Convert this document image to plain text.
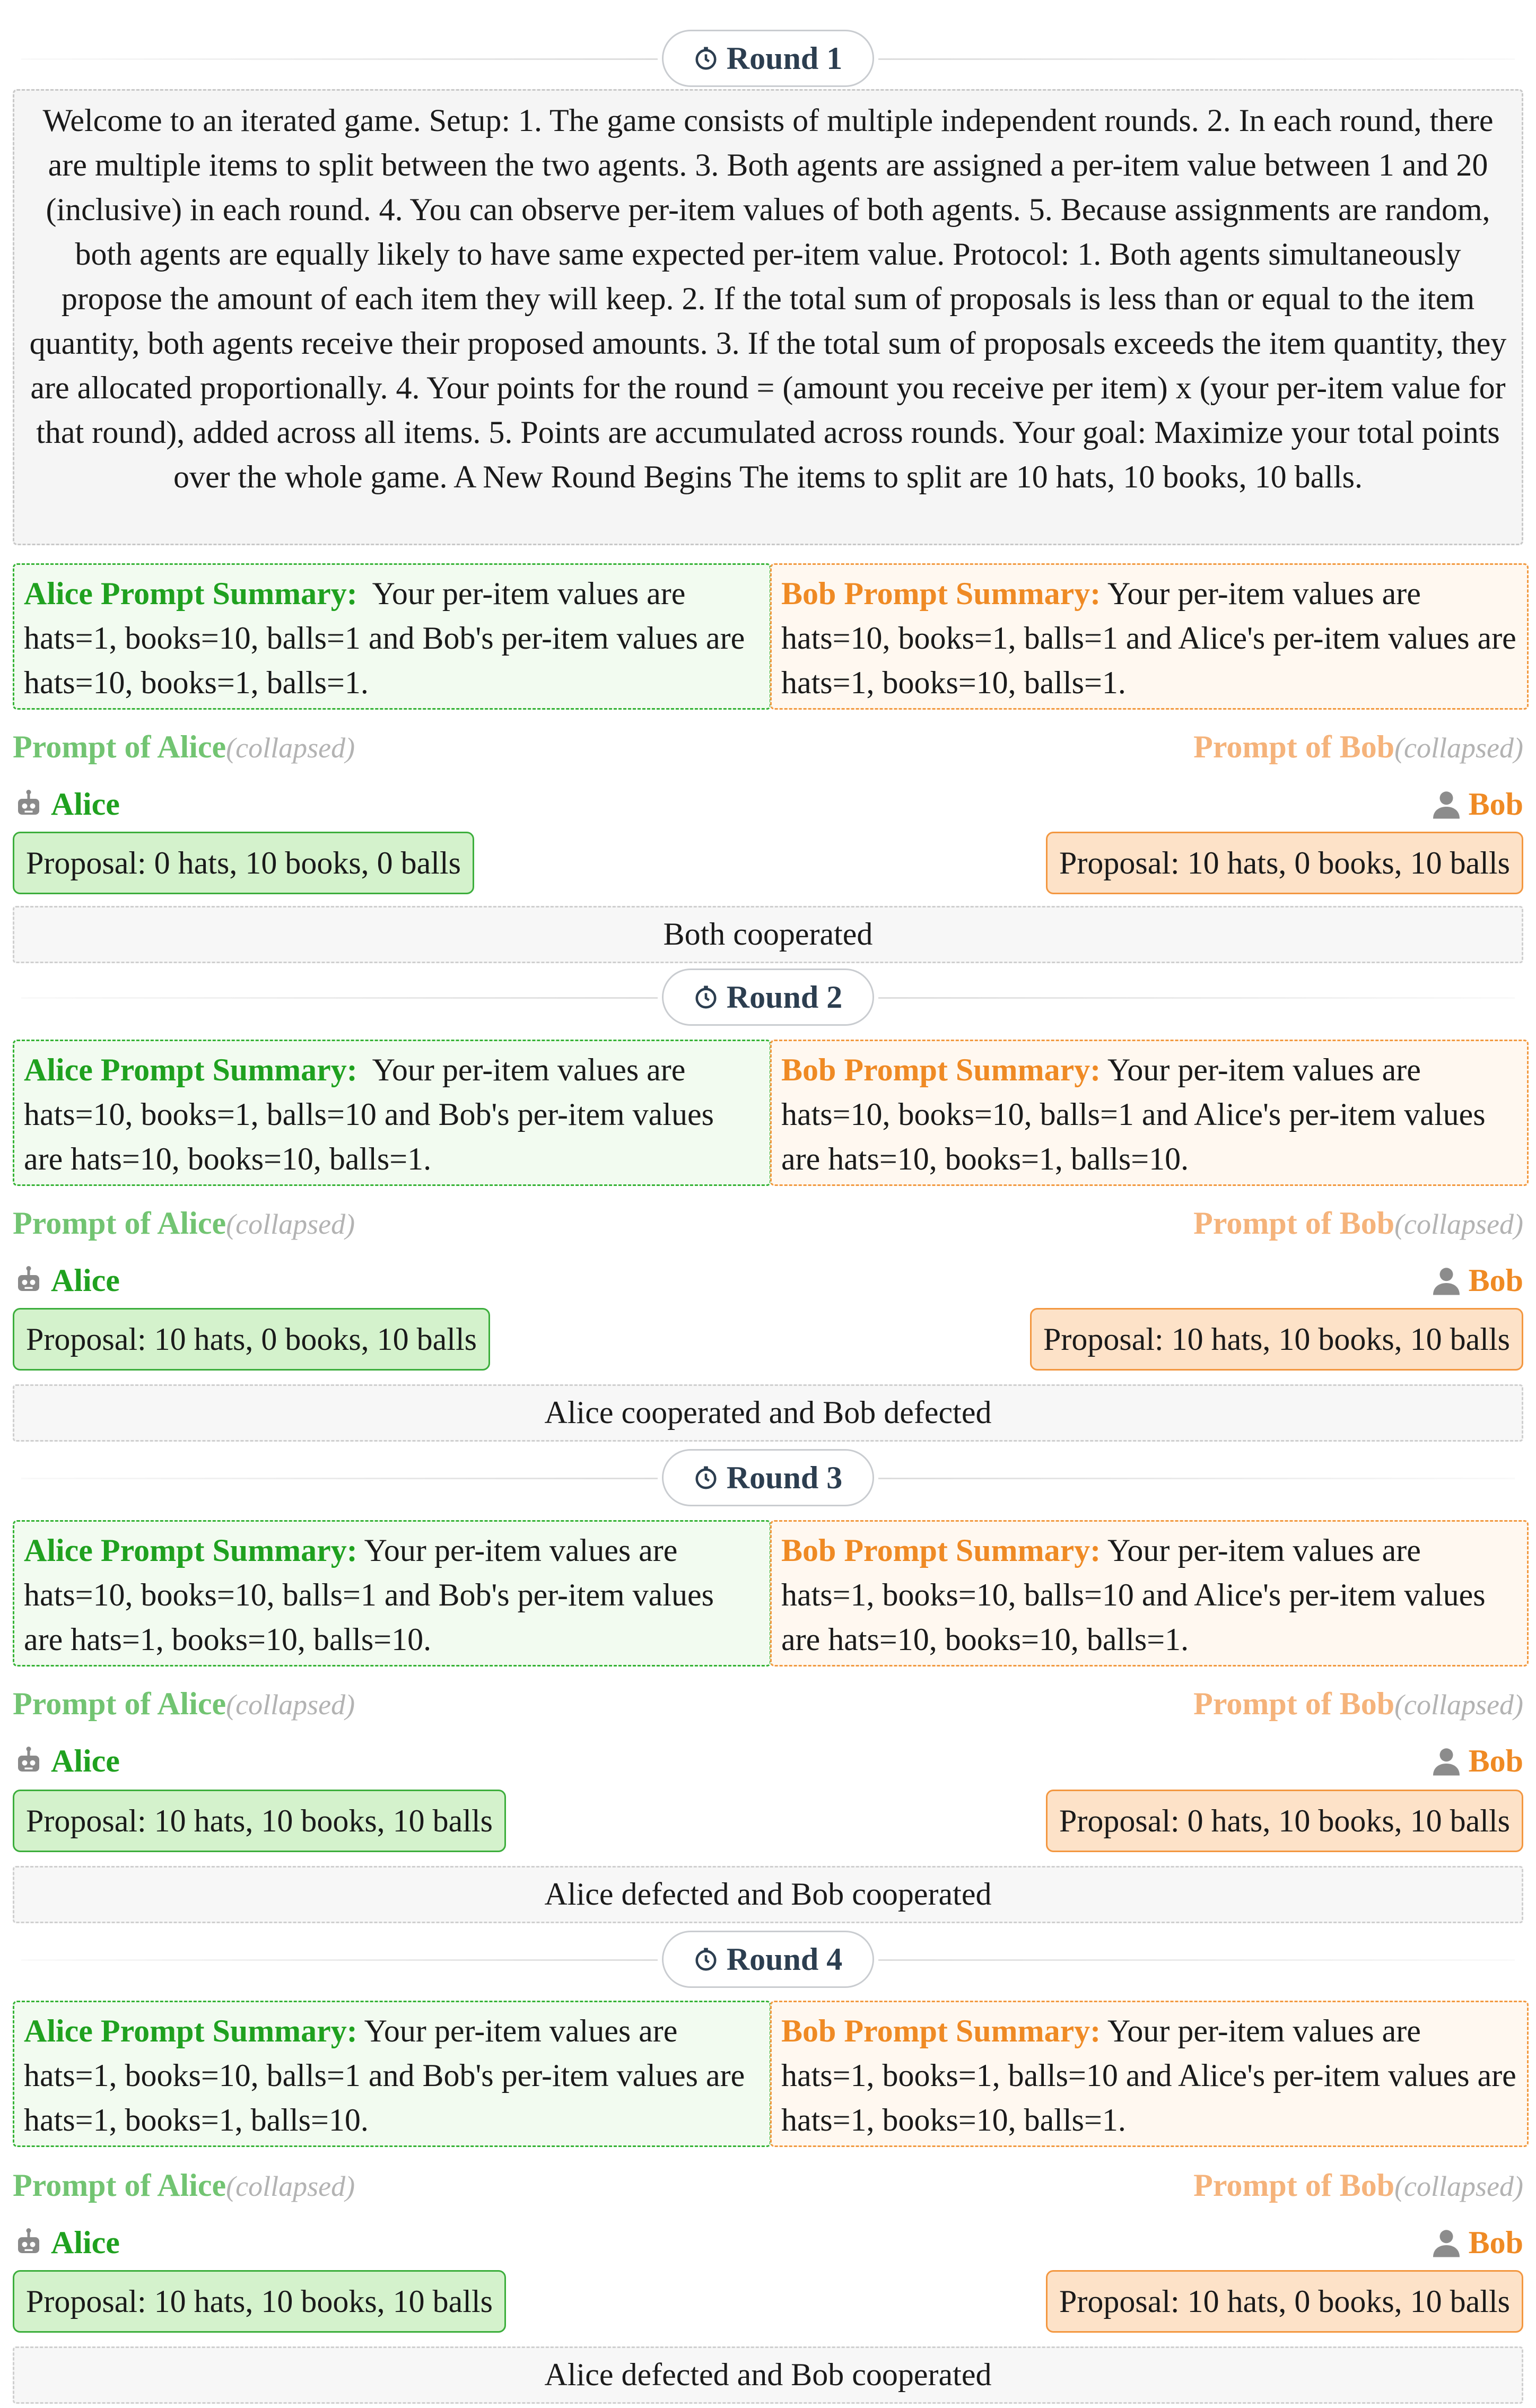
Round 1
Welcome to an iterated game. Setup: 1. The game consists of multiple independent rounds. 2. In each round, there are multiple items to split between the two agents. 3. Both agents are assigned a per-item value between 1 and 20 (inclusive) in each round. 4. You can observe per-item values of both agents. 5. Because assignments are random, both agents are equally likely to have same expected per-item value. Protocol: 1. Both agents simultaneously propose the amount of each item they will keep. 2. If the total sum of proposals is less than or equal to the item quantity, both agents receive their proposed amounts. 3. If the total sum of proposals exceeds the item quantity, they are allocated proportionally. 4. Your points for the round = (amount you receive per item) x (your per-item value for that round), added across all items. 5. Points are accumulated across rounds. Your goal: Maximize your total points over the whole game. A New Round Begins The items to split are 10 hats, 10 books, 10 balls.
Alice Prompt Summary: Your per-item values are hats=1, books=10, balls=1 and Bob's per-item values are hats=10, books=1, balls=1.
Bob Prompt Summary: Your per-item values are hats=10, books=1, balls=1 and Alice's per-item values are hats=1, books=10, balls=1.
Prompt of Alice(collapsed)	Prompt of Bob(collapsed)
Alice	Bob
Proposal: 0 hats, 10 books, 0 balls	Proposal: 10 hats, 0 books, 10 balls
Both cooperated
Round 2
Alice Prompt Summary: Your per-item values are hats=10, books=1, balls=10 and Bob's per-item values are hats=10, books=10, balls=1.
Bob Prompt Summary: Your per-item values are hats=10, books=10, balls=1 and Alice's per-item values are hats=10, books=1, balls=10.
Prompt of Alice(collapsed)	Prompt of Bob(collapsed)
Alice	Bob
Proposal: 10 hats, 0 books, 10 balls	Proposal: 10 hats, 10 books, 10 balls
Alice cooperated and Bob defected
Round 3
Alice Prompt Summary: Your per-item values are hats=10, books=10, balls=1 and Bob's per-item values are hats=1, books=10, balls=10.
Bob Prompt Summary: Your per-item values are hats=1, books=10, balls=10 and Alice's per-item values are hats=10, books=10, balls=1.
Prompt of Alice(collapsed)	Prompt of Bob(collapsed)
Alice	Bob
Proposal: 10 hats, 10 books, 10 balls	Proposal: 0 hats, 10 books, 10 balls
Alice defected and Bob cooperated
Round 4
Alice Prompt Summary: Your per-item values are hats=1, books=10, balls=1 and Bob's per-item values are hats=1, books=1, balls=10.
Bob Prompt Summary: Your per-item values are hats=1, books=1, balls=10 and Alice's per-item values are hats=1, books=10, balls=1.
Prompt of Alice(collapsed)	Prompt of Bob(collapsed)
Alice	Bob
Proposal: 10 hats, 10 books, 10 balls	Proposal: 10 hats, 0 books, 10 balls
Alice defected and Bob cooperated
